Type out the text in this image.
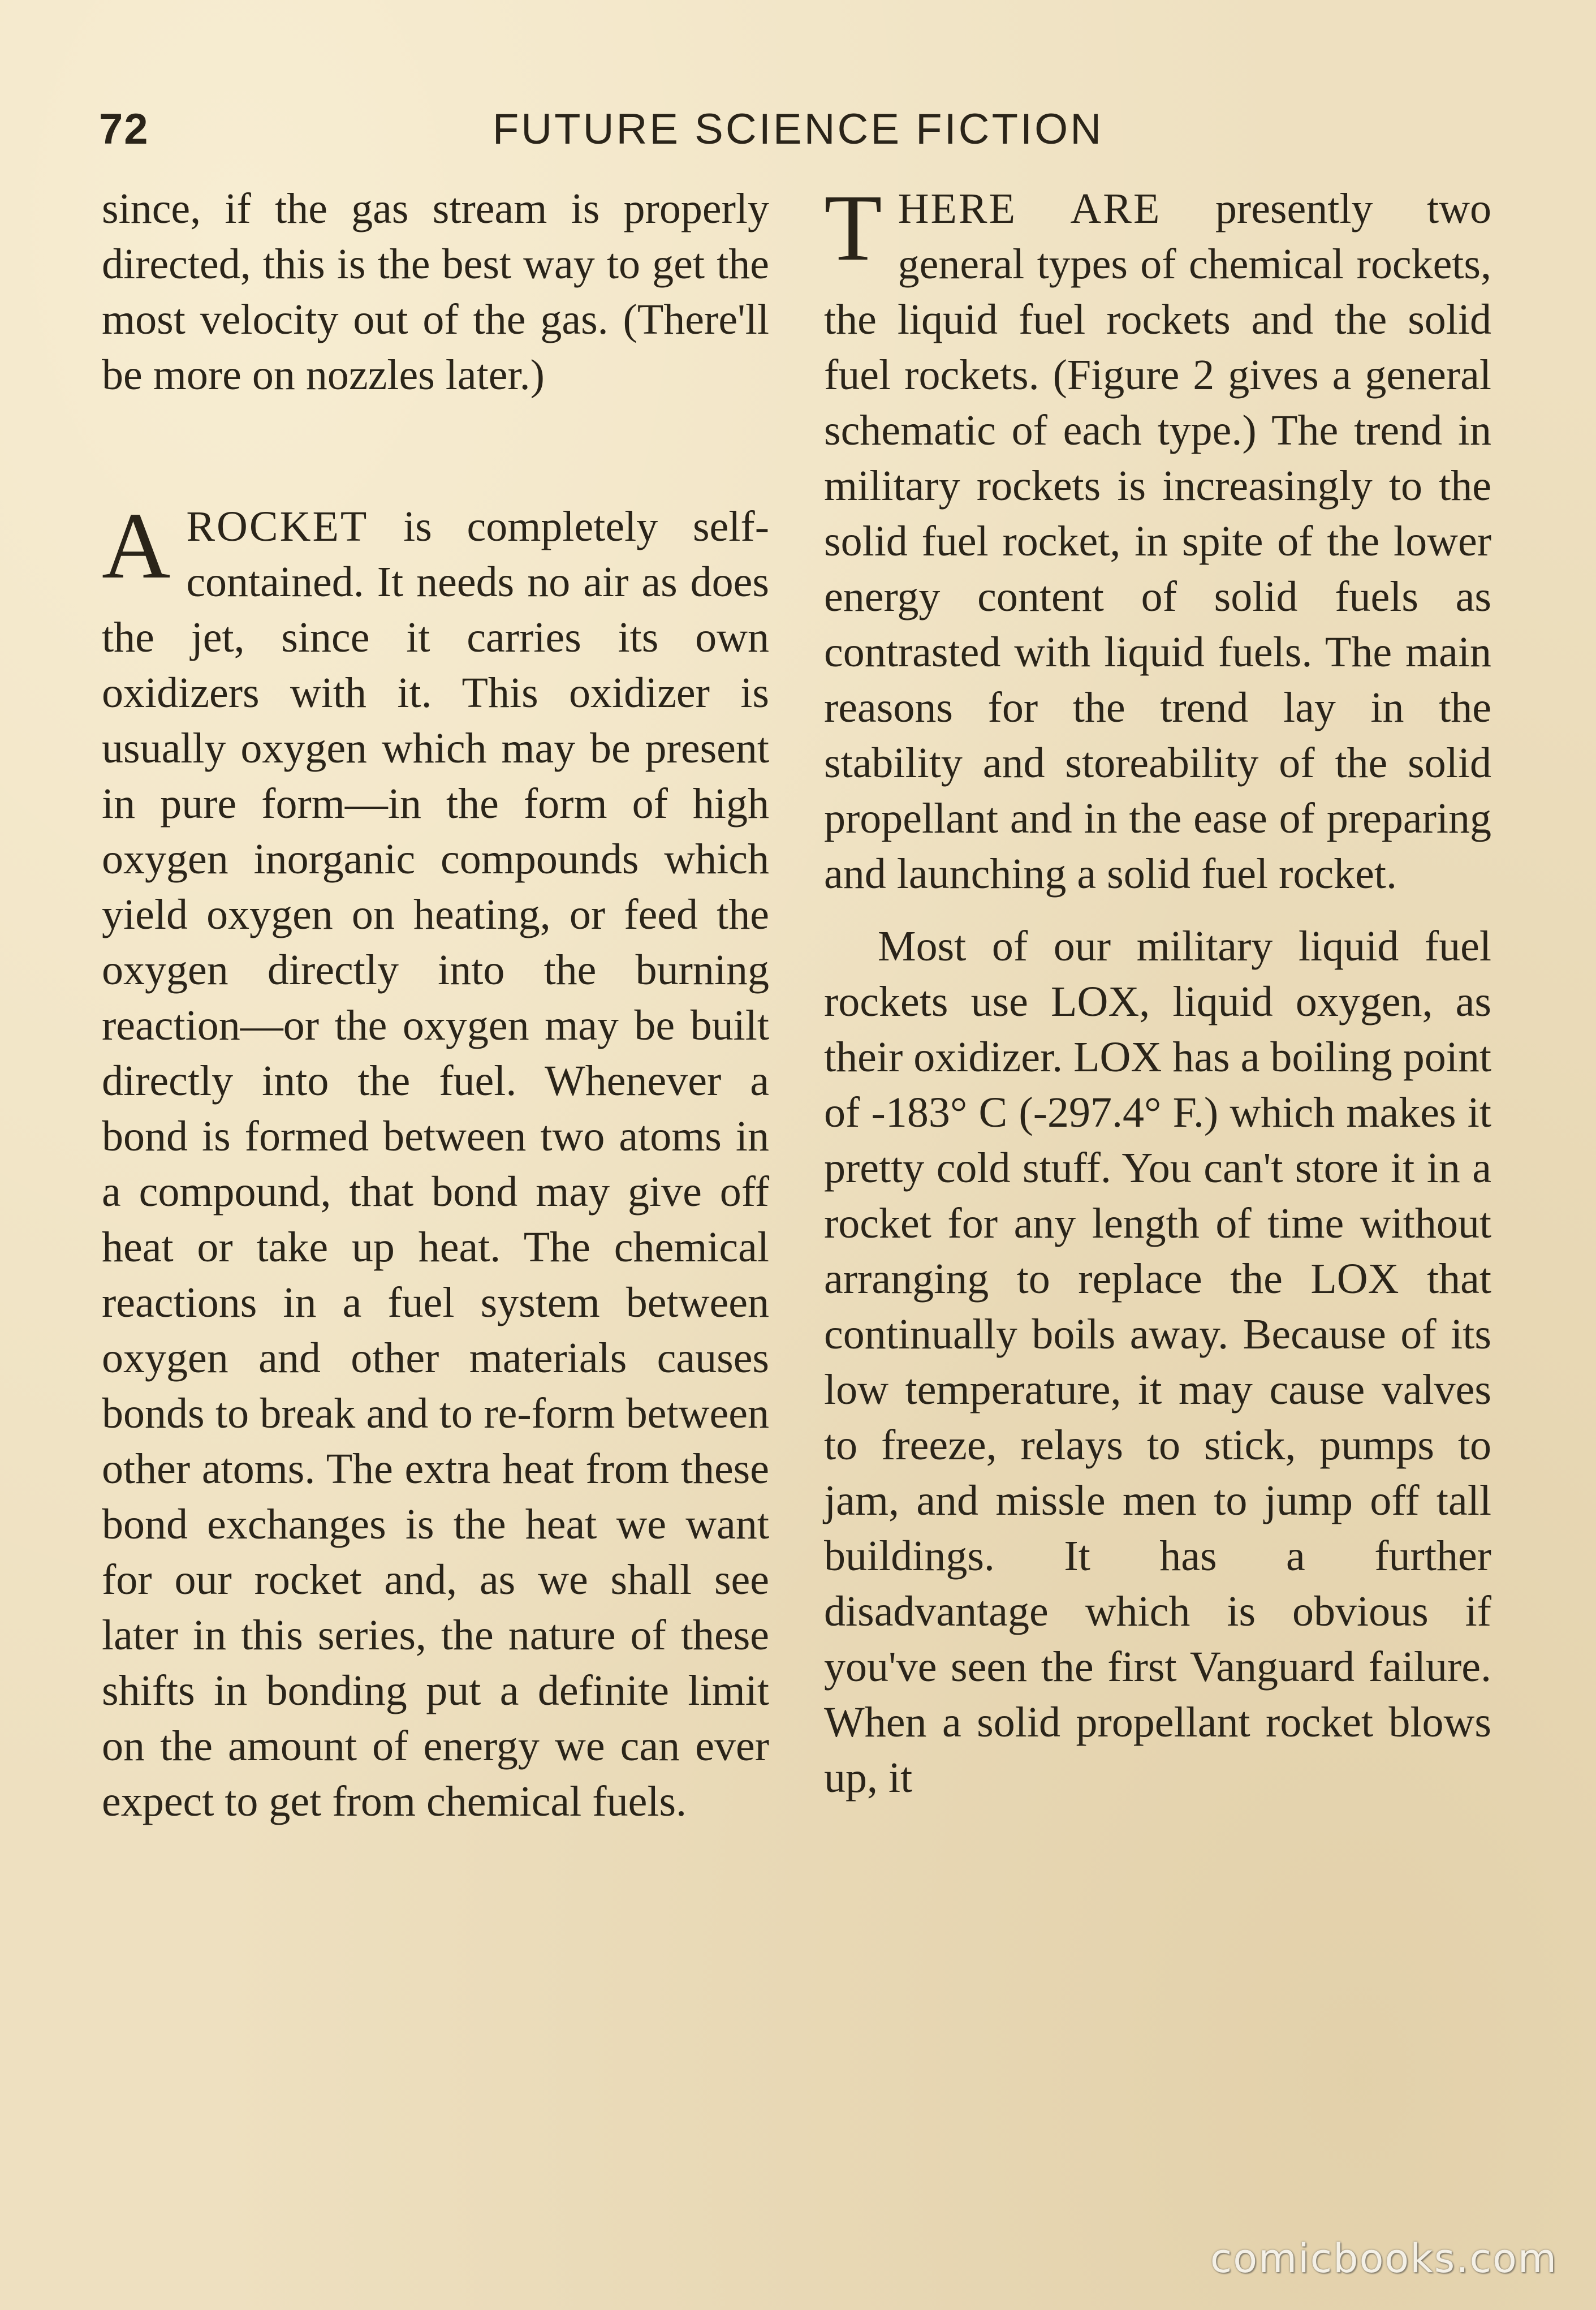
72	FUTURE SCIENCE FICTION

since, if the gas stream is properly directed, this is the best way to get the most velocity out of the gas. (There'll be more on nozzles later.)

AROCKET is completely self-contained. It needs no air as does the jet, since it carries its own oxidizers with it. This oxidizer is usually oxygen which may be present in pure form—in the form of high oxygen inorganic compounds which yield oxygen on heating, or feed the oxygen directly into the burning reaction—or the oxygen may be built directly into the fuel. Whenever a bond is formed between two atoms in a compound, that bond may give off heat or take up heat. The chemical reactions in a fuel system between oxygen and other materials causes bonds to break and to re-form between other atoms. The extra heat from these bond exchanges is the heat we want for our rocket and, as we shall see later in this series, the nature of these shifts in bonding put a definite limit on the amount of energy we can ever expect to get from chemical fuels.

THERE ARE presently two general types of chemical rockets, the liquid fuel rockets and the solid fuel rockets. (Figure 2 gives a general schematic of each type.) The trend in military rockets is increasingly to the solid fuel rocket, in spite of the lower energy content of solid fuels as contrasted with liquid fuels. The main reasons for the trend lay in the stability and storeability of the solid propellant and in the ease of preparing and launching a solid fuel rocket.

Most of our military liquid fuel rockets use LOX, liquid oxygen, as their oxidizer. LOX has a boiling point of -183° C (-297.4° F.) which makes it pretty cold stuff. You can't store it in a rocket for any length of time without arranging to replace the LOX that continually boils away. Because of its low temperature, it may cause valves to freeze, relays to stick, pumps to jam, and missle men to jump off tall buildings. It has a further disadvantage which is obvious if you've seen the first Vanguard failure. When a solid propellant rocket blows up, it

comicbooks.com
